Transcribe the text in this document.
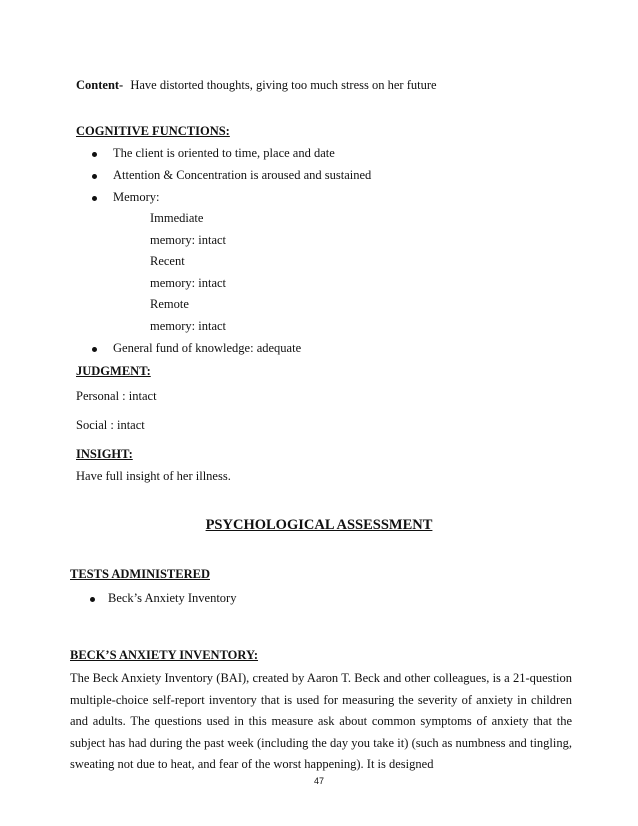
Content- Have distorted thoughts, giving too much stress on her future
COGNITIVE FUNCTIONS:
The client is oriented to time, place and date
Attention & Concentration is aroused and sustained
Memory:
Immediate
memory: intact
Recent
memory: intact
Remote
memory: intact
General fund of knowledge: adequate
JUDGMENT:
Personal : intact
Social : intact
INSIGHT:
Have full insight of her illness.
PSYCHOLOGICAL ASSESSMENT
TESTS ADMINISTERED
Beck’s Anxiety Inventory
BECK’S ANXIETY INVENTORY:
The Beck Anxiety Inventory (BAI), created by Aaron T. Beck and other colleagues, is a 21-question multiple-choice self-report inventory that is used for measuring the severity of anxiety in children and adults. The questions used in this measure ask about common symptoms of anxiety that the subject has had during the past week (including the day you take it) (such as numbness and tingling, sweating not due to heat, and fear of the worst happening). It is designed
47
